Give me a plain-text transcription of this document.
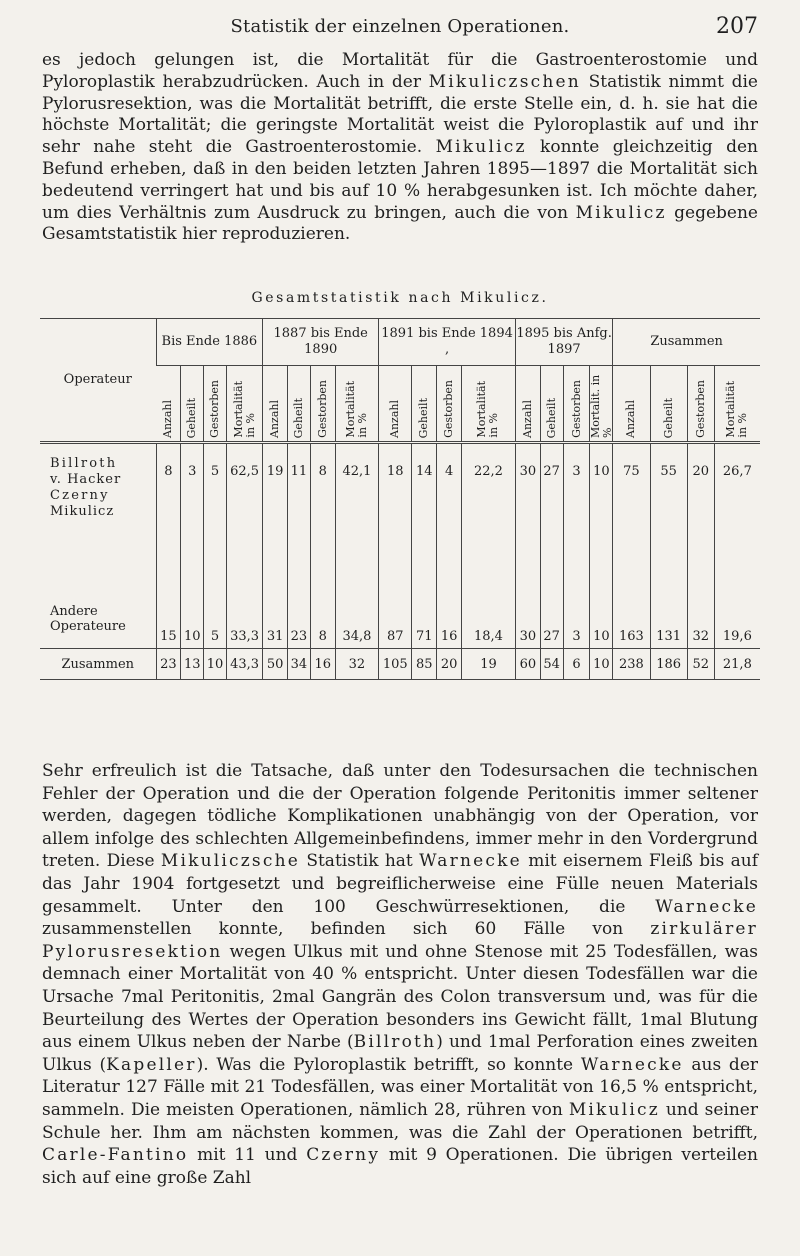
Statistik der einzelnen Operationen.	207

es jedoch gelungen ist, die Mortalität für die Gastroenterostomie und Pyloroplastik herabzudrücken. Auch in der Mikuliczschen Statistik nimmt die Pylorusresektion, was die Mortalität betrifft, die erste Stelle ein, d. h. sie hat die höchste Mortalität; die geringste Mortalität weist die Pyloroplastik auf und ihr sehr nahe steht die Gastroenterostomie. Mikulicz konnte gleichzeitig den Befund erheben, daß in den beiden letzten Jahren 1895—1897 die Mortalität sich bedeutend verringert hat und bis auf 10 % herabgesunken ist. Ich möchte daher, um dies Verhältnis zum Ausdruck zu bringen, auch die von Mikulicz gegebene Gesamtstatistik hier reproduzieren.

Gesamtstatistik nach Mikulicz.
Operateur	Bis Ende 1886				1887 bis Ende 1890				1891 bis Ende 1894 ,				1895 bis Anfg. 1897				Zusammen			
	Anzahl	Geheilt	Gestorben	Mortalität
in %	Anzahl	Geheilt	Gestorben	Mortalität
in %	Anzahl	Geheilt	Gestorben	Mortalität
in %	Anzahl	Geheilt	Gestorben	Mortalit. in %	Anzahl	Geheilt	Gestorben	Mortalität
in %

Billroth
v. Hacker
Czerny
Mikulicz	8	3	5	62,5	19	11	8	42,1	18	14	4	22,2	30	27	3	10	75	55	20	26,7

Andere
Operateure	15	10	5	33,3	31	23	8	34,8	87	71	16	18,4	30	27	3	10	163	131	32	19,6
Zusammen	23	13	10	43,3	50	34	16	32	105	85	20	19	60	54	6	10	238	186	52	21,8

Sehr erfreulich ist die Tatsache, daß unter den Todesursachen die technischen Fehler der Operation und die der Operation folgende Peritonitis immer seltener werden, dagegen tödliche Komplikationen unabhängig von der Operation, vor allem infolge des schlechten Allgemeinbefindens, immer mehr in den Vordergrund treten. Diese Mikuliczsche Statistik hat Warnecke mit eisernem Fleiß bis auf das Jahr 1904 fortgesetzt und begreiflicherweise eine Fülle neuen Materials gesammelt. Unter den 100 Geschwürresektionen, die Warnecke zusammenstellen konnte, befinden sich 60 Fälle von zirkulärer Pylorusresektion wegen Ulkus mit und ohne Stenose mit 25 Todesfällen, was demnach einer Mortalität von 40 % entspricht. Unter diesen Todesfällen war die Ursache 7mal Peritonitis, 2mal Gangrän des Colon transversum und, was für die Beurteilung des Wertes der Operation besonders ins Gewicht fällt, 1mal Blutung aus einem Ulkus neben der Narbe (Billroth) und 1mal Perforation eines zweiten Ulkus (Kapeller). Was die Pyloroplastik betrifft, so konnte Warnecke aus der Literatur 127 Fälle mit 21 Todesfällen, was einer Mortalität von 16,5 % entspricht, sammeln. Die meisten Operationen, nämlich 28, rühren von Mikulicz und seiner Schule her. Ihm am nächsten kommen, was die Zahl der Operationen betrifft, Carle-Fantino mit 11 und Czerny mit 9 Operationen. Die übrigen verteilen sich auf eine große Zahl
